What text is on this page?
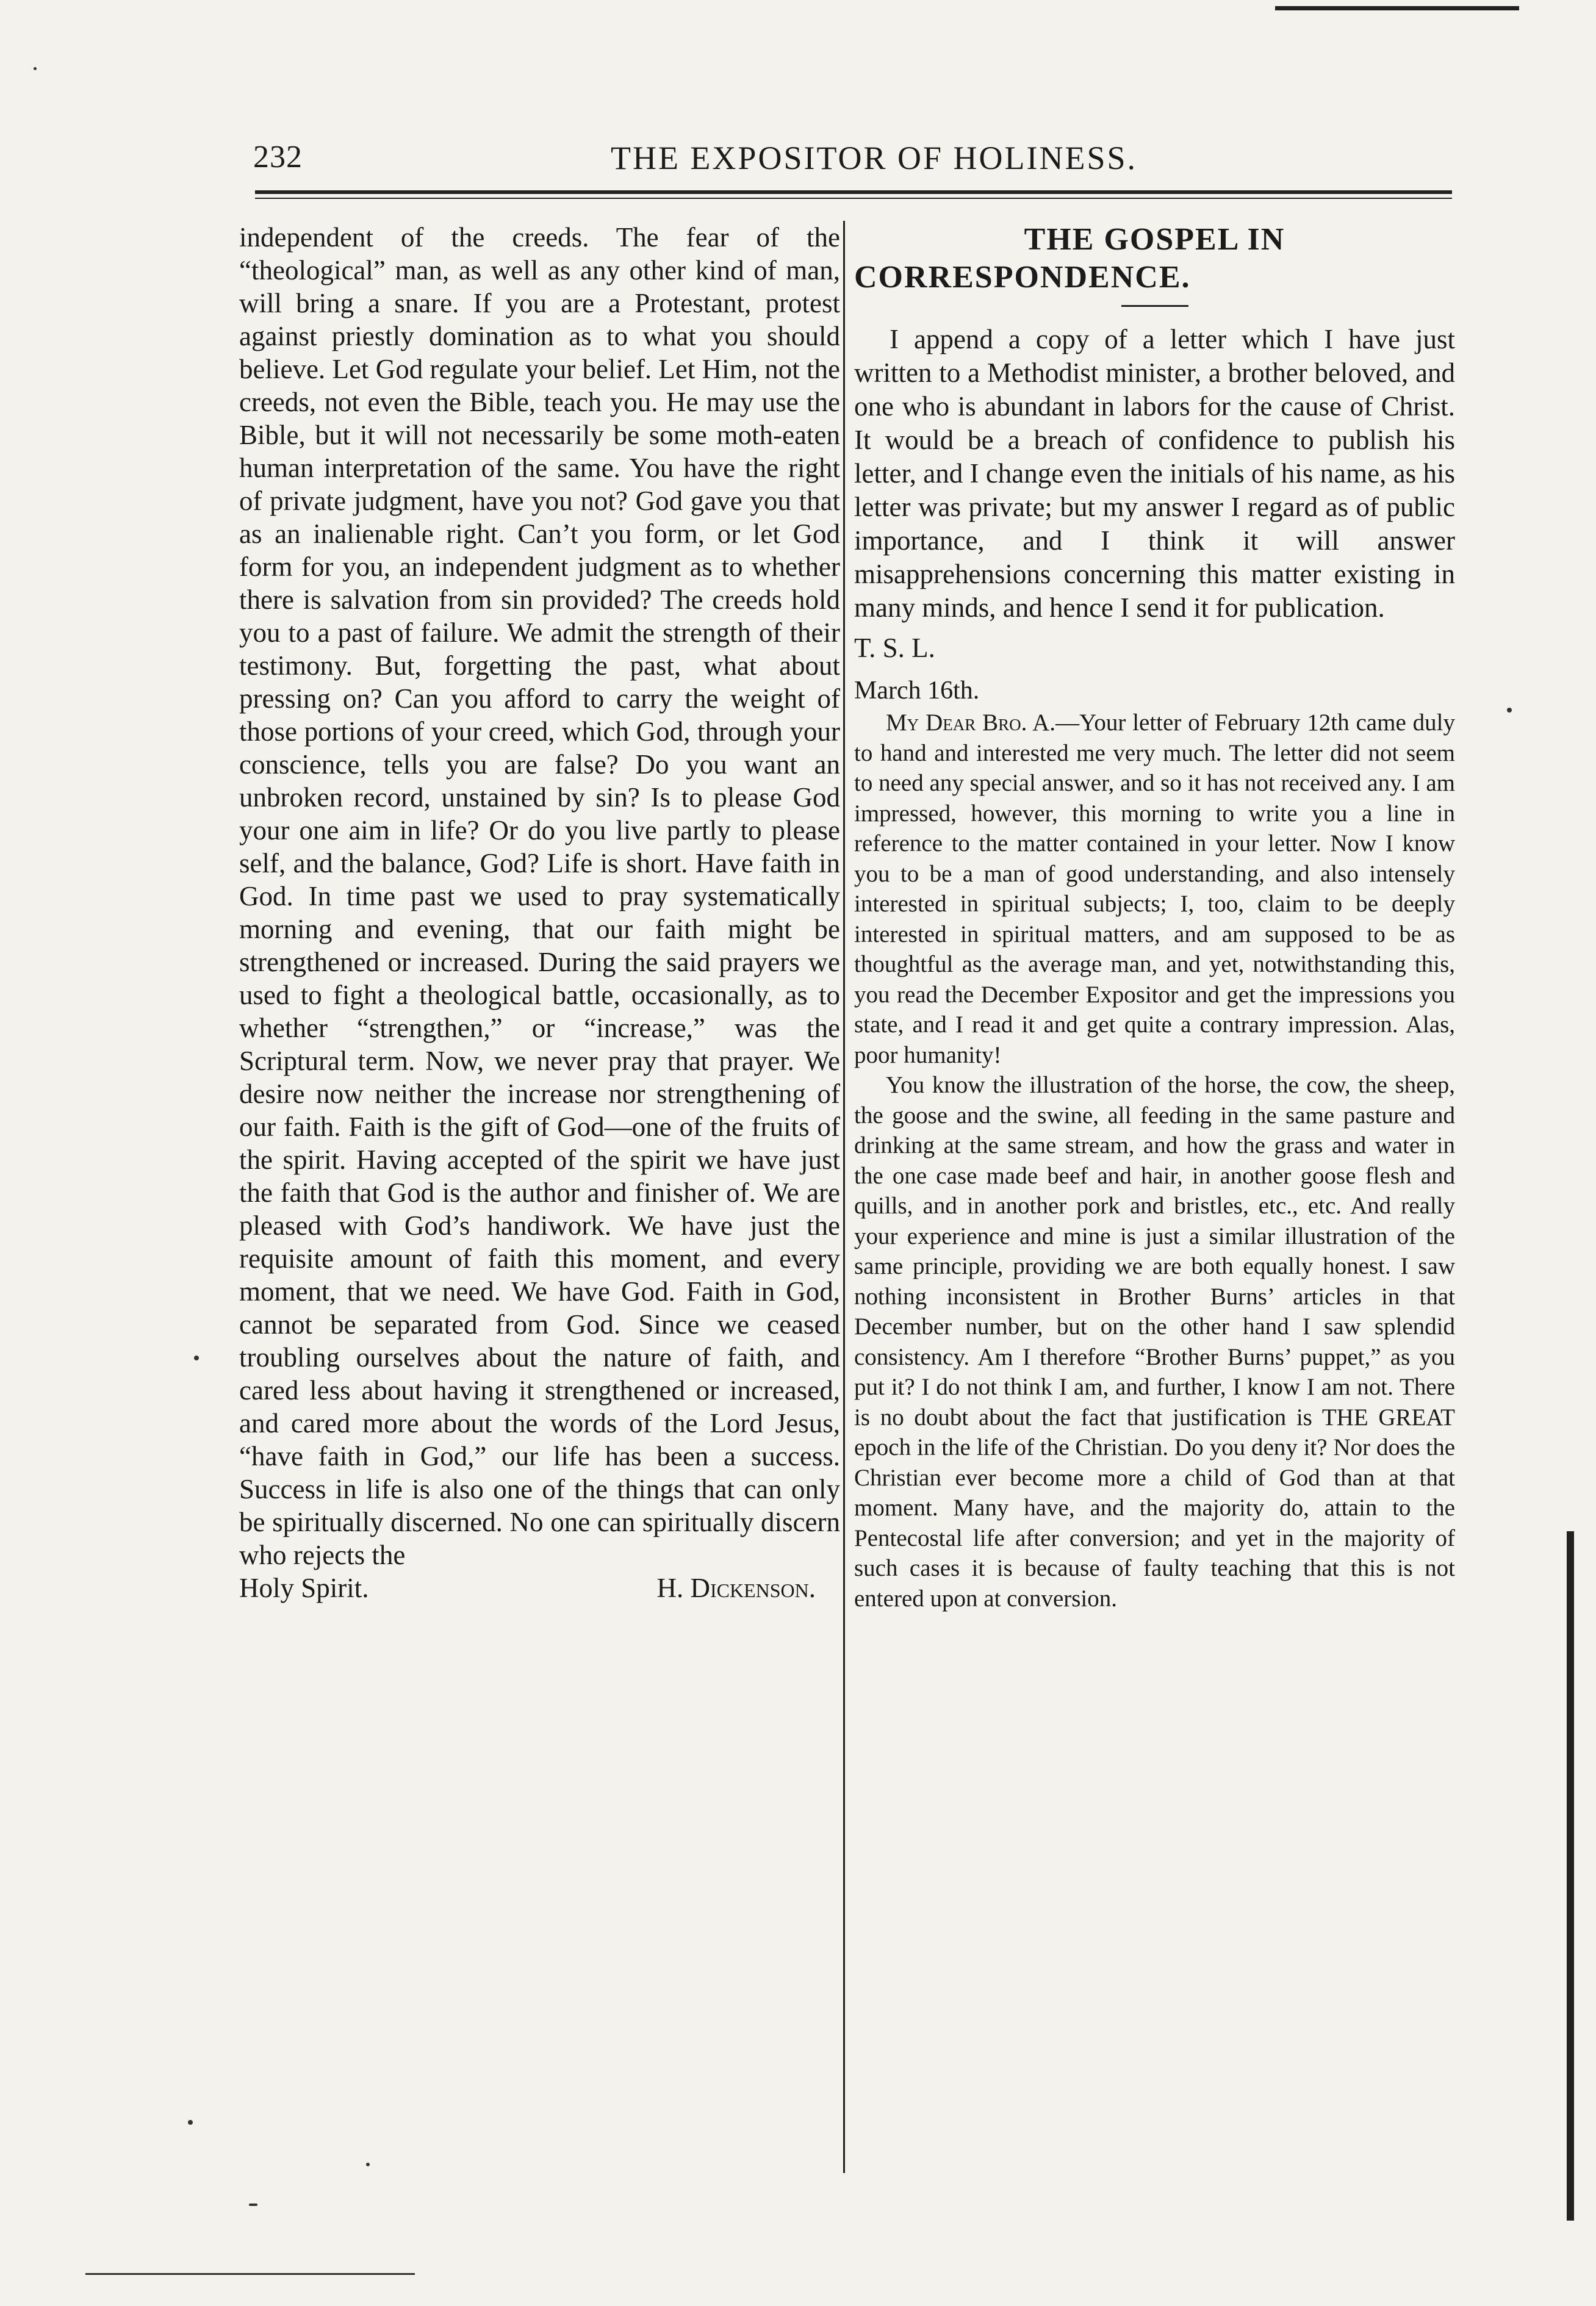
232	THE EXPOSITOR OF HOLINESS.

independent of the creeds. The fear of the “theological” man, as well as any other kind of man, will bring a snare. If you are a Protestant, protest against priestly domination as to what you should believe. Let God regulate your belief. Let Him, not the creeds, not even the Bible, teach you. He may use the Bible, but it will not necessarily be some moth-eaten human interpretation of the same. You have the right of private judgment, have you not? God gave you that as an inalienable right. Can’t you form, or let God form for you, an independent judgment as to whether there is salvation from sin provided? The creeds hold you to a past of failure. We admit the strength of their testimony. But, forgetting the past, what about pressing on? Can you afford to carry the weight of those portions of your creed, which God, through your conscience, tells you are false? Do you want an unbroken record, unstained by sin? Is to please God your one aim in life? Or do you live partly to please self, and the balance, God? Life is short. Have faith in God. In time past we used to pray systematically morning and evening, that our faith might be strengthened or increased. During the said prayers we used to fight a theological battle, occasionally, as to whether “strengthen,” or “increase,” was the Scriptural term. Now, we never pray that prayer. We desire now neither the increase nor strengthening of our faith. Faith is the gift of God—one of the fruits of the spirit. Having accepted of the spirit we have just the faith that God is the author and finisher of. We are pleased with God’s handiwork. We have just the requisite amount of faith this moment, and every moment, that we need. We have God. Faith in God, cannot be separated from God. Since we ceased troubling ourselves about the nature of faith, and cared less about having it strengthened or increased, and cared more about the words of the Lord Jesus, “have faith in God,” our life has been a success. Success in life is also one of the things that can only be spiritually discerned. No one can spiritually discern who rejects the

Holy Spirit.	H. Dickenson.
THE GOSPEL IN CORRESPONDENCE.

I append a copy of a letter which I have just written to a Methodist minister, a brother beloved, and one who is abundant in labors for the cause of Christ. It would be a breach of confidence to publish his letter, and I change even the initials of his name, as his letter was private; but my answer I regard as of public importance, and I think it will answer misapprehensions concerning this matter existing in many minds, and hence I send it for publication.

T. S. L.

March 16th.

My Dear Bro. A.—Your letter of February 12th came duly to hand and interested me very much. The letter did not seem to need any special answer, and so it has not received any. I am impressed, however, this morning to write you a line in reference to the matter contained in your letter. Now I know you to be a man of good understanding, and also intensely interested in spiritual subjects; I, too, claim to be deeply interested in spiritual matters, and am supposed to be as thoughtful as the average man, and yet, notwithstanding this, you read the December Expositor and get the impressions you state, and I read it and get quite a contrary impression. Alas, poor humanity!

You know the illustration of the horse, the cow, the sheep, the goose and the swine, all feeding in the same pasture and drinking at the same stream, and how the grass and water in the one case made beef and hair, in another goose flesh and quills, and in another pork and bristles, etc., etc. And really your experience and mine is just a similar illustration of the same principle, providing we are both equally honest. I saw nothing inconsistent in Brother Burns’ articles in that December number, but on the other hand I saw splendid consistency. Am I therefore “Brother Burns’ puppet,” as you put it? I do not think I am, and further, I know I am not. There is no doubt about the fact that justification is THE GREAT epoch in the life of the Christian. Do you deny it? Nor does the Christian ever become more a child of God than at that moment. Many have, and the majority do, attain to the Pentecostal life after conversion; and yet in the majority of such cases it is because of faulty teaching that this is not entered upon at conversion.
